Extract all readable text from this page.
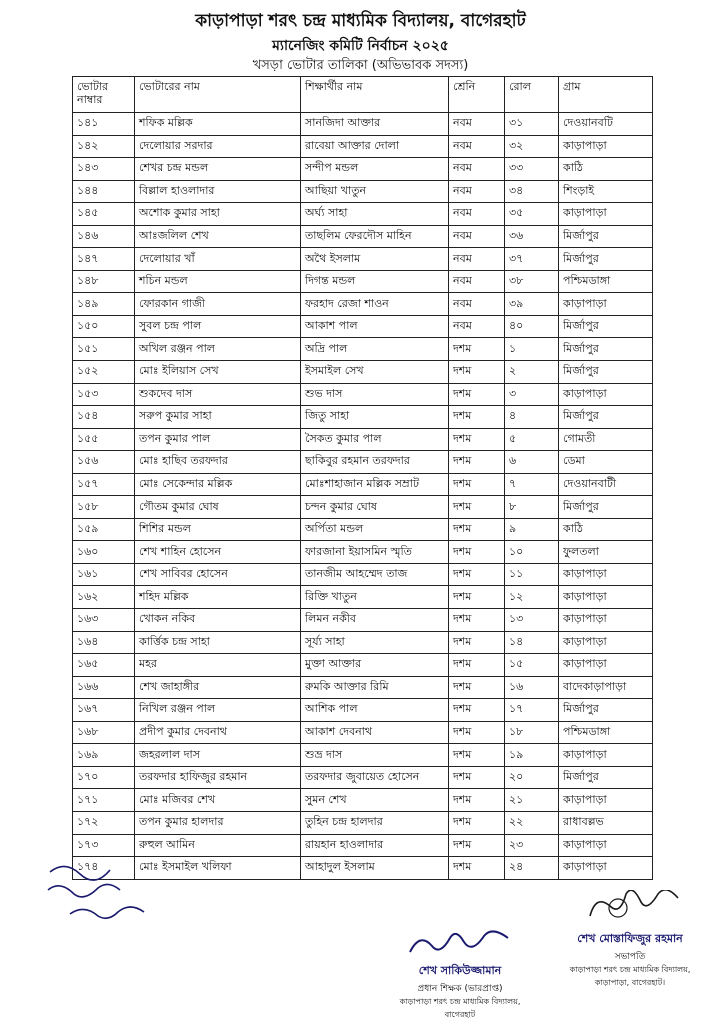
কাড়াপাড়া শরৎ চন্দ্র মাধ্যমিক বিদ্যালয়, বাগেরহাট
ম্যানেজিং কমিটি নির্বাচন ২০২৫
খসড়া ভোটার তালিকা (অভিভাবক সদস্য)
ভোটার নাম্বার	ভোটারের নাম	শিক্ষার্থীর নাম	শ্রেনি	রোল	গ্রাম
১৪১	শফিক মল্লিক	সানজিদা আক্তার	নবম	৩১	দেওয়ানবটি
১৪২	দেলোয়ার সরদার	রাবেয়া আক্তার দোলা	নবম	৩২	কাড়াপাড়া
১৪৩	শেখর চন্দ্র মন্ডল	সন্দীপ মন্ডল	নবম	৩৩	কাঠি
১৪৪	বিল্লাল হাওলাদার	আছিয়া খাতুন	নবম	৩৪	শিংড়াই
১৪৫	অশোক কুমার সাহা	অর্ঘ্য সাহা	নবম	৩৫	কাড়াপাড়া
১৪৬	আঃজলিল শেখ	তাছলিম ফেরদৌস মাহিন	নবম	৩৬	মির্জাপুর
১৪৭	দেলোয়ার খাঁ	অথৈ ইসলাম	নবম	৩৭	মির্জাপুর
১৪৮	শচিন মন্ডল	দিগন্ত মন্ডল	নবম	৩৮	পশ্চিমডাঙ্গা
১৪৯	ফোরকান গাজী	ফরহাদ রেজা শাওন	নবম	৩৯	কাড়াপাড়া
১৫০	সুবল চন্দ্র পাল	আকাশ পাল	নবম	৪০	মির্জাপুর
১৫১	অখিল রঞ্জন পাল	অদ্রি পাল	দশম	১	মির্জাপুর
১৫২	মোঃ ইলিয়াস সেখ	ইসমাইল সেখ	দশম	২	মির্জাপুর
১৫৩	শুকদেব দাস	শুভ দাস	দশম	৩	কাড়াপাড়া
১৫৪	সরুপ কুমার সাহা	জিতু সাহা	দশম	৪	মির্জাপুর
১৫৫	তপন কুমার পাল	সৈকত কুমার পাল	দশম	৫	গোমতী
১৫৬	মোঃ হাছিব তরফদার	ছাকিবুর রহমান তরফদার	দশম	৬	ডেমা
১৫৭	মোঃ সেকেন্দার মল্লিক	মোঃশাহাজান মল্লিক সম্রাট	দশম	৭	দেওয়ানবাটী
১৫৮	গৌতম কুমার ঘোষ	চন্দন কুমার ঘোষ	দশম	৮	মির্জাপুর
১৫৯	শিশির মন্ডল	অর্পিতা মন্ডল	দশম	৯	কাঠি
১৬০	শেখ শাহিন হোসেন	ফারজানা ইয়াসমিন স্মৃতি	দশম	১০	ফুলতলা
১৬১	শেখ সাবিবর হোসেন	তানজীম আহম্মেদ তাজ	দশম	১১	কাড়াপাড়া
১৬২	শহিদ মল্লিক	রিক্তি খাতুন	দশম	১২	কাড়াপাড়া
১৬৩	খোকন নকিব	লিমন নকীব	দশম	১৩	কাড়াপাড়া
১৬৪	কার্ত্তিক চন্দ্র সাহা	সূর্য্য সাহা	দশম	১৪	কাড়াপাড়া
১৬৫	মহর	মুক্তা আক্তার	দশম	১৫	কাড়াপাড়া
১৬৬	শেখ জাহাঙ্গীর	রুমকি আক্তার রিমি	দশম	১৬	বাদেকাড়াপাড়া
১৬৭	নিখিল রঞ্জন পাল	আশিক পাল	দশম	১৭	মির্জাপুর
১৬৮	প্রদীপ কুমার দেবনাথ	আকাশ দেবনাথ	দশম	১৮	পশ্চিমডাঙ্গা
১৬৯	জহরলাল দাস	শুভ্র দাস	দশম	১৯	কাড়াপাড়া
১৭০	তরফদার হাফিজুর রহমান	তরফদার জুবায়েত হোসেন	দশম	২০	মির্জাপুর
১৭১	মোঃ মজিবর শেখ	সুমন শেখ	দশম	২১	কাড়াপাড়া
১৭২	তপন কুমার হালদার	তুহিন চন্দ্র হালদার	দশম	২২	রাধাবল্লভ
১৭৩	রুহুল আমিন	রায়হান হাওলাদার	দশম	২৩	কাড়াপাড়া
১৭৪	মোঃ ইসমাইল খলিফা	আহাদুল ইসলাম	দশম	২৪	কাড়াপাড়া
শেখ সাকিউজ্জামান
প্রধান শিক্ষক (ভারপ্রাপ্ত)
কাড়াপাড়া শরৎ চন্দ্র মাধ্যমিক বিদ্যালয়, বাগেরহাট
শেখ মোস্তাফিজুর রহমান
সভাপতি
কাড়াপাড়া শরৎ চন্দ্র মাধ্যমিক বিদ্যালয়, কাড়াপাড়া, বাগেরহাট।
